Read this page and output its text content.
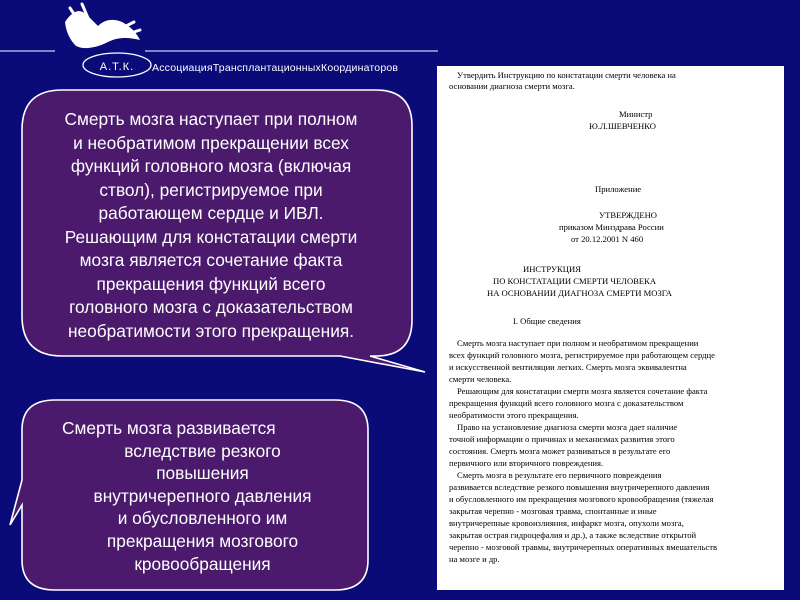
А.Т.К. АссоциацияТрансплантационныхКоординаторов
Смерть мозга наступает при полном
и необратимом прекращении всех
функций головного мозга (включая
ствол), регистрируемое при
работающем сердце и ИВЛ.
Решающим для констатации смерти
мозга является сочетание факта
прекращения функций всего
головного мозга с доказательством
необратимости этого прекращения.
Смерть мозга развивается
вследствие резкого
повышения
внутричерепного давления
и обусловленного им
прекращения мозгового
кровообращения
Утвердить Инструкцию по констатации смерти человека на
основании диагноза смерти мозга.
Министр
Ю.Л.ШЕВЧЕНКО
Приложение
УТВЕРЖДЕНО
приказом Минздрава России
от 20.12.2001 N 460
ИНСТРУКЦИЯ
ПО КОНСТАТАЦИИ СМЕРТИ ЧЕЛОВЕКА
НА ОСНОВАНИИ ДИАГНОЗА СМЕРТИ МОЗГА
I. Общие сведения
Смерть мозга наступает при полном и необратимом прекращении
всех функций головного мозга, регистрируемое при работающем сердце
и искусственной вентиляции легких. Смерть мозга эквивалентна
смерти человека.
Решающим для констатации смерти мозга является сочетание факта
прекращения функций всего головного мозга с доказательством
необратимости этого прекращения.
Право на установление диагноза смерти мозга дает наличие
точной информации о причинах и механизмах развития этого
состояния. Смерть мозга может развиваться в результате его
первичного или вторичного повреждения.
Смерть мозга в результате его первичного повреждения
развивается вследствие резкого повышения внутричерепного давления
и обусловленного им прекращения мозгового кровообращения (тяжелая
закрытая черепно - мозговая травма, спонтанные и иные
внутричерепные кровоизлияния, инфаркт мозга, опухоли мозга,
закрытая острая гидроцефалия и др.), а также вследствие открытой
черепно - мозговой травмы, внутричерепных оперативных вмешательств
на мозге и др.
